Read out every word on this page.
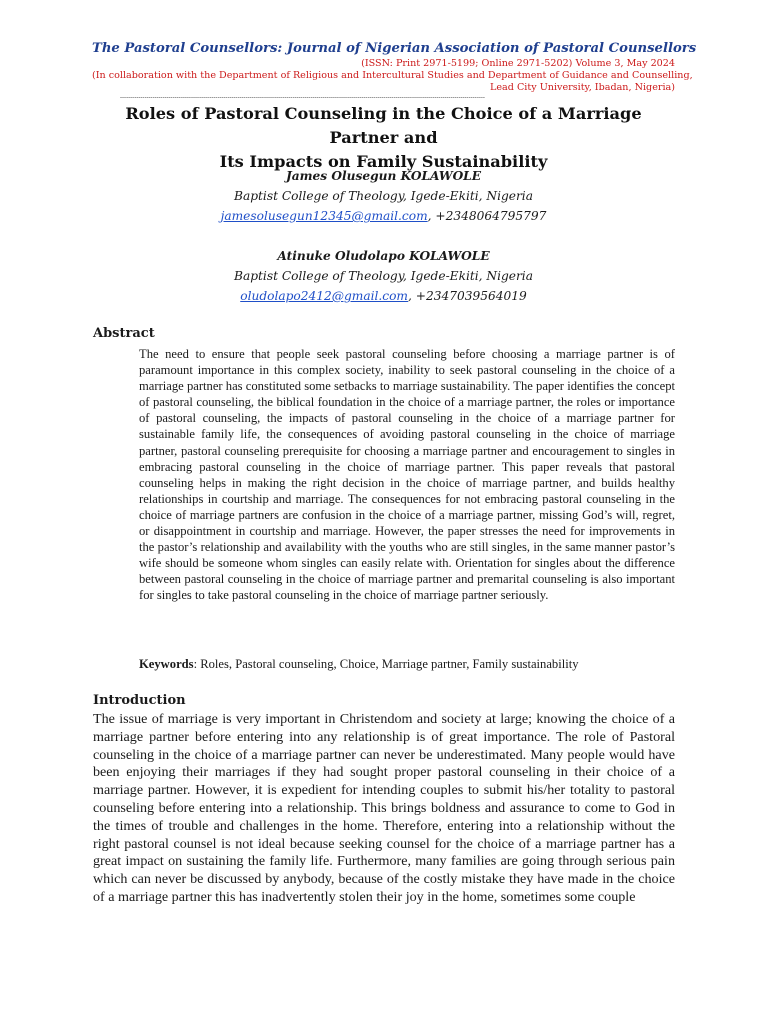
The Pastoral Counsellors: Journal of Nigerian Association of Pastoral Counsellors
(ISSN: Print 2971-5199; Online 2971-5202) Volume 3, May 2024
(In collaboration with the Department of Religious and Intercultural Studies and Department of Guidance and Counselling,
Lead City University, Ibadan, Nigeria)
------------------------------------------------------------------------------------------------------------------------------------------------------------------------------------
Roles of Pastoral Counseling in the Choice of a Marriage Partner and
Its Impacts on Family Sustainability
James Olusegun KOLAWOLE
Baptist College of Theology, Igede-Ekiti, Nigeria
jamesolusegun12345@gmail.com, +2348064795797
Atinuke Oludolapo KOLAWOLE
Baptist College of Theology, Igede-Ekiti, Nigeria
oludolapo2412@gmail.com, +2347039564019
Abstract
The need to ensure that people seek pastoral counseling before choosing a marriage partner is of paramount importance in this complex society, inability to seek pastoral counseling in the choice of a marriage partner has constituted some setbacks to marriage sustainability. The paper identifies the concept of pastoral counseling, the biblical foundation in the choice of a marriage partner, the roles or importance of pastoral counseling, the impacts of pastoral counseling in the choice of a marriage partner for sustainable family life, the consequences of avoiding pastoral counseling in the choice of marriage partner, pastoral counseling prerequisite for choosing a marriage partner and encouragement to singles in embracing pastoral counseling in the choice of marriage partner. This paper reveals that pastoral counseling helps in making the right decision in the choice of marriage partner, and builds healthy relationships in courtship and marriage. The consequences for not embracing pastoral counseling in the choice of marriage partners are confusion in the choice of a marriage partner, missing God’s will, regret, or disappointment in courtship and marriage. However, the paper stresses the need for improvements in the pastor’s relationship and availability with the youths who are still singles, in the same manner pastor’s wife should be someone whom singles can easily relate with. Orientation for singles about the difference between pastoral counseling in the choice of marriage partner and premarital counseling is also important for singles to take pastoral counseling in the choice of marriage partner seriously.
Keywords: Roles, Pastoral counseling, Choice, Marriage partner, Family sustainability
Introduction
The issue of marriage is very important in Christendom and society at large; knowing the choice of a marriage partner before entering into any relationship is of great importance. The role of Pastoral counseling in the choice of a marriage partner can never be underestimated. Many people would have been enjoying their marriages if they had sought proper pastoral counseling in their choice of a marriage partner. However, it is expedient for intending couples to submit his/her totality to pastoral counseling before entering into a relationship. This brings boldness and assurance to come to God in the times of trouble and challenges in the home. Therefore, entering into a relationship without the right pastoral counsel is not ideal because seeking counsel for the choice of a marriage partner has a great impact on sustaining the family life. Furthermore, many families are going through serious pain which can never be discussed by anybody, because of the costly mistake they have made in the choice of a marriage partner this has inadvertently stolen their joy in the home, sometimes some couple
